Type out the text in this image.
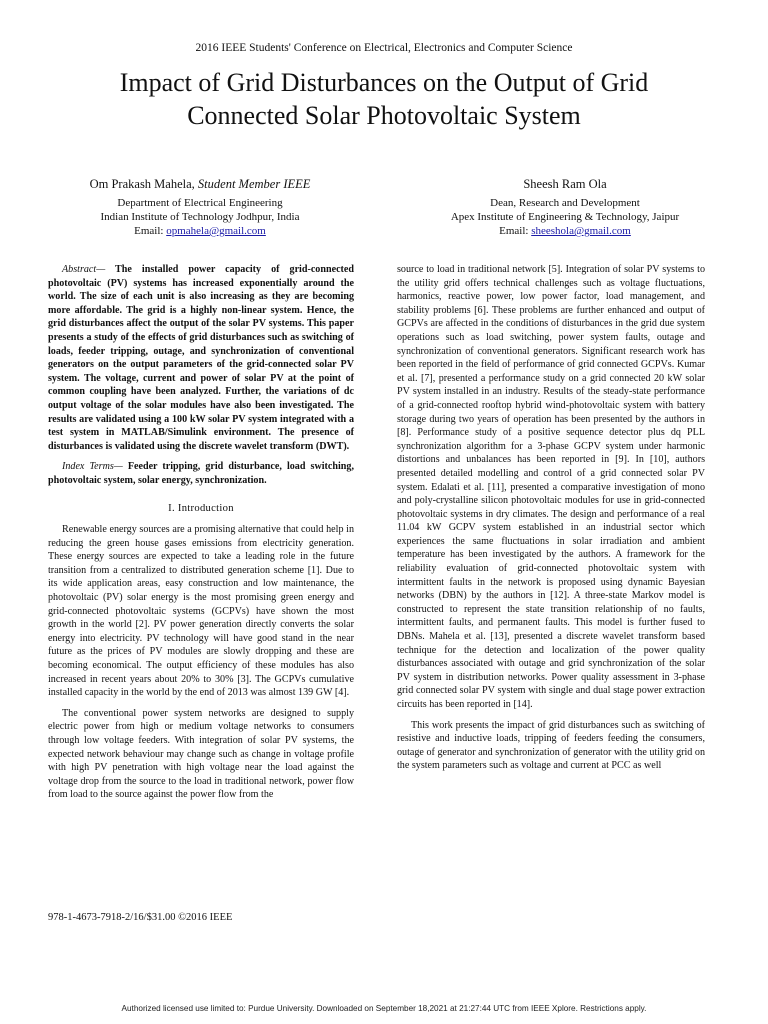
2016 IEEE Students' Conference on Electrical, Electronics and Computer Science
Impact of Grid Disturbances on the Output of Grid
Connected Solar Photovoltaic System
Om Prakash Mahela, Student Member IEEE
Department of Electrical Engineering
Indian Institute of Technology Jodhpur, India
Email: opmahela@gmail.com
Sheesh Ram Ola
Dean, Research and Development
Apex Institute of Engineering & Technology, Jaipur
Email: sheeshola@gmail.com

Abstract— The installed power capacity of grid-connected photovoltaic (PV) systems has increased exponentially around the world. The size of each unit is also increasing as they are becoming more affordable. The grid is a highly non-linear system. Hence, the grid disturbances affect the output of the solar PV systems. This paper presents a study of the effects of grid disturbances such as switching of loads, feeder tripping, outage, and synchronization of conventional generators on the output parameters of the grid-connected solar PV system. The voltage, current and power of solar PV at the point of common coupling have been analyzed. Further, the variations of dc output voltage of the solar modules have also been investigated. The results are validated using a 100 kW solar PV system integrated with a test system in MATLAB/Simulink environment. The presence of disturbances is validated using the discrete wavelet transform (DWT).

Index Terms— Feeder tripping, grid disturbance, load switching, photovoltaic system, solar energy, synchronization.

I. Introduction

Renewable energy sources are a promising alternative that could help in reducing the green house gases emissions from electricity generation. These energy sources are expected to take a leading role in the future transition from a centralized to distributed generation scheme [1]. Due to its wide application areas, easy construction and low maintenance, the photovoltaic (PV) solar energy is the most promising green energy and grid-connected photovoltaic systems (GCPVs) have shown the most growth in the world [2]. PV power generation directly converts the solar energy into electricity. PV technology will have good stand in the near future as the prices of PV modules are slowly dropping and these are becoming economical. The output efficiency of these modules has also increased in recent years about 20% to 30% [3]. The GCPVs cumulative installed capacity in the world by the end of 2013 was almost 139 GW [4].

The conventional power system networks are designed to supply electric power from high or medium voltage networks to consumers through low voltage feeders. With integration of solar PV systems, the expected network behaviour may change such as change in voltage profile with high PV penetration with high voltage near the load against the voltage drop from the source to the load in traditional network, power flow from load to the source against the power flow from the

source to load in traditional network [5]. Integration of solar PV systems to the utility grid offers technical challenges such as voltage fluctuations, harmonics, reactive power, low power factor, load management, and stability problems [6]. These problems are further enhanced and output of GCPVs are affected in the conditions of disturbances in the grid due system operations such as load switching, power system faults, outage and synchronization of conventional generators. Significant research work has been reported in the field of performance of grid connected GCPVs. Kumar et al. [7], presented a performance study on a grid connected 20 kW solar PV system installed in an industry. Results of the steady-state performance of a grid-connected rooftop hybrid wind-photovoltaic system with battery storage during two years of operation has been presented by the authors in [8]. Performance study of a positive sequence detector plus dq PLL synchronization algorithm for a 3-phase GCPV system under harmonic distortions and unbalances has been reported in [9]. In [10], authors presented detailed modelling and control of a grid connected solar PV system. Edalati et al. [11], presented a comparative investigation of mono and poly-crystalline silicon photovoltaic modules for use in grid-connected photovoltaic systems in dry climates. The design and performance of a real 11.04 kW GCPV system established in an industrial sector which experiences the same fluctuations in solar irradiation and ambient temperature has been investigated by the authors. A framework for the reliability evaluation of grid-connected photovoltaic system with intermittent faults in the network is proposed using dynamic Bayesian networks (DBN) by the authors in [12]. A three-state Markov model is constructed to represent the state transition relationship of no faults, intermittent faults, and permanent faults. This model is further fused to DBNs. Mahela et al. [13], presented a discrete wavelet transform based technique for the detection and localization of the power quality disturbances associated with outage and grid synchronization of the solar PV system in distribution networks. Power quality assessment in 3-phase grid connected solar PV system with single and dual stage power extraction circuits has been reported in [14].

This work presents the impact of grid disturbances such as switching of resistive and inductive loads, tripping of feeders feeding the consumers, outage of generator and synchronization of generator with the utility grid on the system parameters such as voltage and current at PCC as well

978-1-4673-7918-2/16/$31.00 ©2016 IEEE
Authorized licensed use limited to: Purdue University. Downloaded on September 18,2021 at 21:27:44 UTC from IEEE Xplore. Restrictions apply.
